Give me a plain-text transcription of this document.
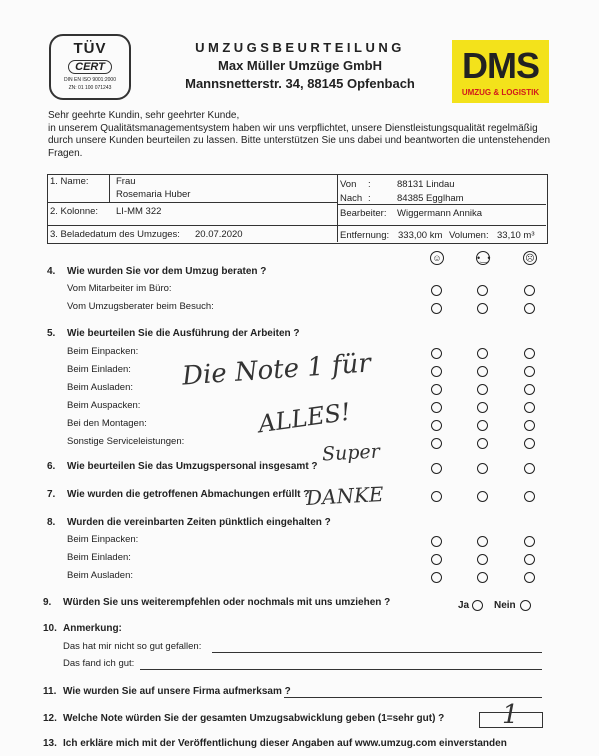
TÜV
CERT
DIN EN ISO 9001:2000
ZN: 01 100 071243
UMZUGSBEURTEILUNG
Max Müller Umzüge GmbH
Mannsnetterstr. 34, 88145 Opfenbach	DMS
UMZUG & LOGISTIK
Sehr geehrte Kundin, sehr geehrter Kunde,
in unserem Qualitätsmanagementsystem haben wir uns verpflichtet, unsere Dienstleistungsqualität regelmäßig durch unsere Kunden beurteilen zu lassen. Bitte unterstützen Sie uns dabei und beantworten die untenstehenden Fragen.
1. Name:	Frau
Rosemaria Huber
Von :	88131 Lindau
Nach :	84385 Egglham
2. Kolonne: LI-MM 322	Bearbeiter: Wiggermann Annika
3. Beladedatum des Umzuges: 20.07.2020	Entfernung: 333,00 km Volumen: 33,10 m³
☺	•‿•	☹
4. Wie wurden Sie vor dem Umzug beraten ?
Vom Mitarbeiter im Büro:
Vom Umzugsberater beim Besuch:
5. Wie beurteilen Sie die Ausführung der Arbeiten ?
Beim Einpacken:
Beim Einladen:
Beim Ausladen:
Beim Auspacken:
Bei den Montagen:
Sonstige Serviceleistungen:
6. Wie beurteilen Sie das Umzugspersonal insgesamt ?
7. Wie wurden die getroffenen Abmachungen erfüllt ?
8. Wurden die vereinbarten Zeiten pünktlich eingehalten ?
Beim Einpacken:
Beim Einladen:
Beim Ausladen:
9. Würden Sie uns weiterempfehlen oder nochmals mit uns umziehen ?	Ja Nein
10. Anmerkung:
Das hat mir nicht so gut gefallen:
Das fand ich gut:
11. Wie wurden Sie auf unsere Firma aufmerksam ?
12. Welche Note würden Sie der gesamten Umzugsabwicklung geben (1=sehr gut) ? 1
13. Ich erkläre mich mit der Veröffentlichung dieser Angaben auf www.umzug.com einverstanden
Die Note 1 für
ALLES!
Super
DANKE
